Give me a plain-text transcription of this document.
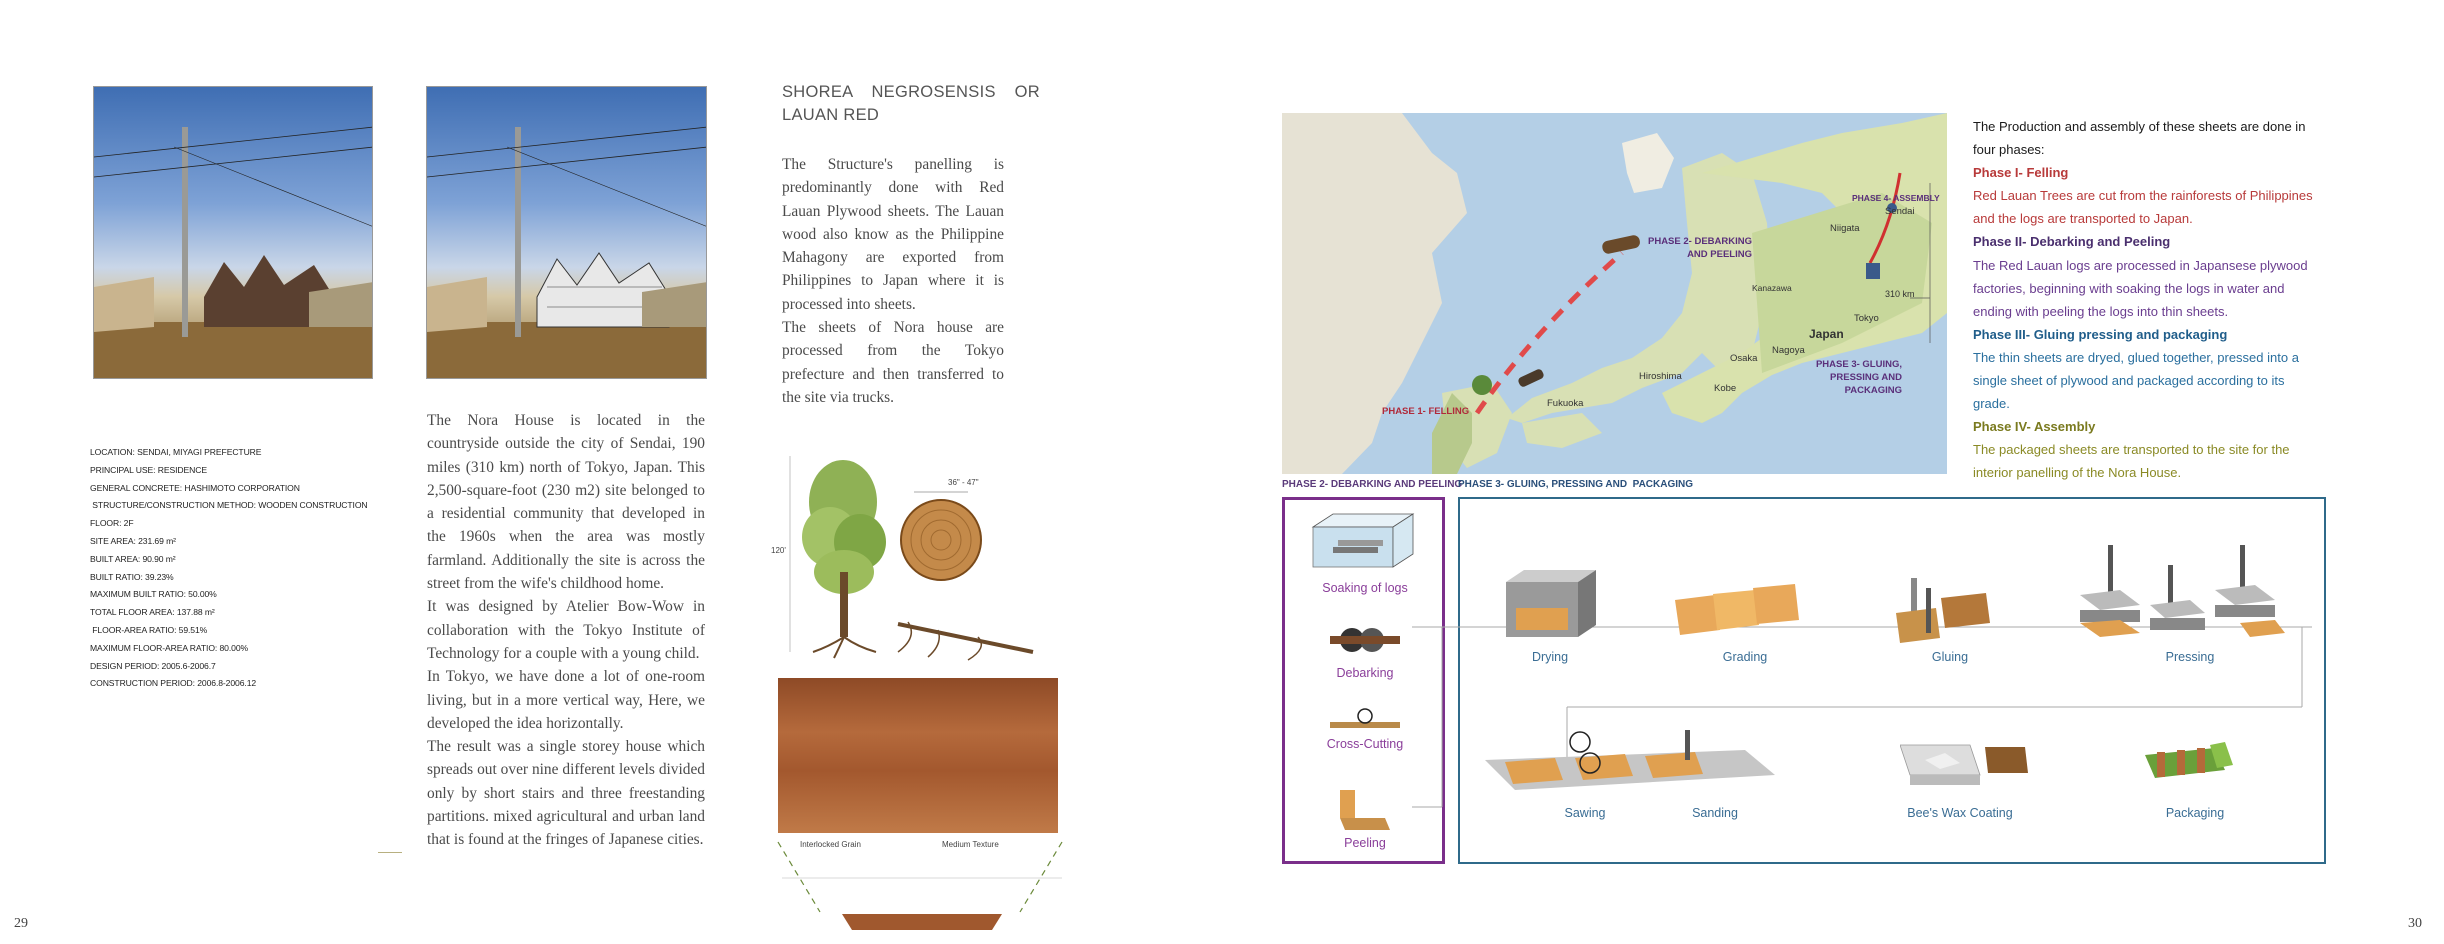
LOCATION: SENDAI, MIYAGI PREFECTURE
PRINCIPAL USE: RESIDENCE
GENERAL CONCRETE: HASHIMOTO CORPORATION
STRUCTURE/CONSTRUCTION METHOD: WOODEN CONSTRUCTION
FLOOR: 2F
SITE AREA: 231.69 m²
BUILT AREA: 90.90 m²
BUILT RATIO: 39.23%
MAXIMUM BUILT RATIO: 50.00%
TOTAL FLOOR AREA: 137.88 m²
FLOOR-AREA RATIO: 59.51%
MAXIMUM FLOOR-AREA RATIO: 80.00%
DESIGN PERIOD: 2005.6-2006.7
CONSTRUCTION PERIOD: 2006.8-2006.12

The Nora House is located in the countryside outside the city of Sendai, 190 miles (310 km) north of Tokyo, Japan. This 2,500-square-foot (230 m2) site belonged to a residential community that developed in the 1960s when the area was mostly farmland. Additionally the site is across the street from the wife's childhood home.

It was designed by Atelier Bow-Wow in collaboration with the Tokyo Institute of Technology for a couple with a young child.

In Tokyo, we have done a lot of one-room living, but in a more vertical way, Here, we developed the idea horizontally.

The result was a single storey house which spreads out over nine different levels divided only by short stairs and three freestanding partitions. mixed agricultural and urban land that is found at the fringes of Japanese cities.

SHOREA NEGROSENSIS OR LAUAN RED

The Structure's panelling is predominantly done with Red Lauan Plywood sheets. The Lauan wood also know as the Philippine Mahagony are exported from Philippines to Japan where it is processed into sheets.

The sheets of Nora house are processed from the Tokyo prefecture and then transferred to the site via trucks.

120'
36" - 47"
Interlocked Grain	Medium Texture
29
PHASE 1- FELLING
PHASE 2- DEBARKING AND PEELING
PHASE 3- GLUING, PRESSING AND PACKAGING
PHASE 4- ASSEMBLY
310 km
Niigata
Sendai
Tokyo
Kanazawa
Nagoya
Osaka
Kobe
Hiroshima
Fukuoka
Japan
The Production and assembly of these sheets are done in four phases:
Phase I- Felling
Red Lauan Trees are cut from the rainforests of Philippines and the logs are transported to Japan.
Phase II- Debarking and Peeling
The Red Lauan logs are processed in Japansese plywood factories, beginning with soaking the logs in water and ending with peeling the logs into thin sheets.
Phase III- Gluing pressing and packaging
The thin sheets are dryed, glued together, pressed into a single sheet of plywood and packaged according to its grade.
Phase IV- Assembly
The packaged sheets are transported to the site for the interior panelling of the Nora House.
PHASE 2- DEBARKING AND PEELING
PHASE 3- GLUING, PRESSING AND  PACKAGING
Soaking of logs
Debarking
Cross-Cutting
Peeling
Drying	Grading	Gluing	Pressing
Sawing	Sanding	Bee's Wax Coating	Packaging
30
